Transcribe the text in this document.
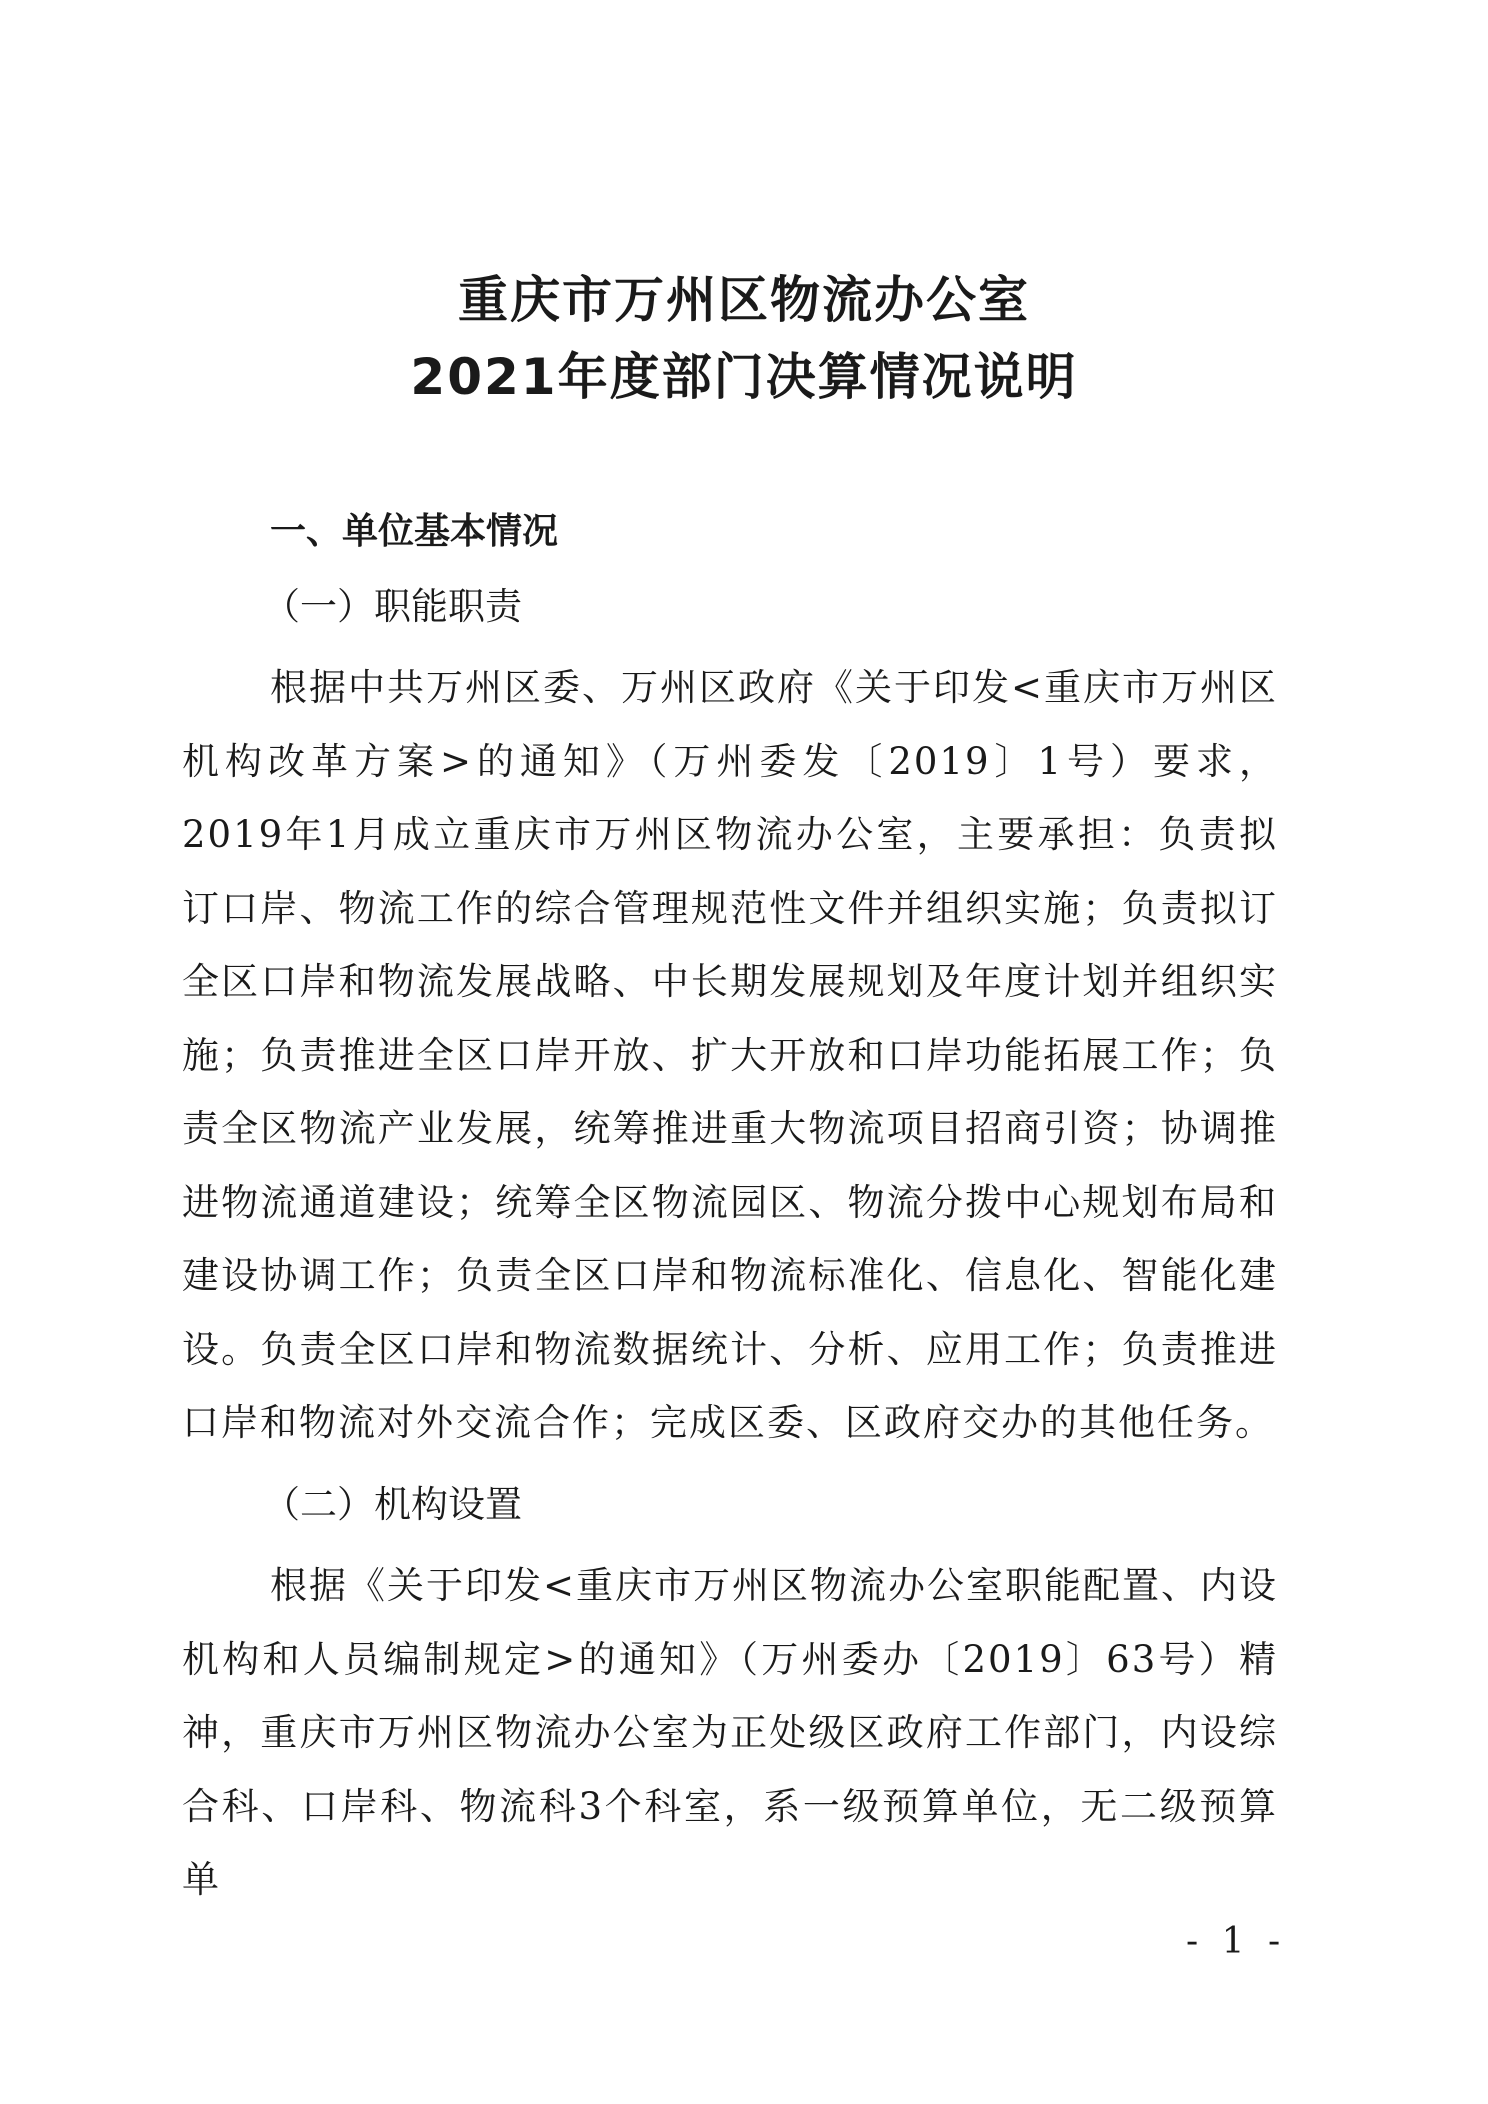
重庆市万州区物流办公室
2021年度部门决算情况说明
一、单位基本情况
（一）职能职责
根据中共万州区委、万州区政府《关于印发<重庆市万州区机构改革方案>的通知》（万州委发〔2019〕1号）要求，2019年1月成立重庆市万州区物流办公室，主要承担：负责拟订口岸、物流工作的综合管理规范性文件并组织实施；负责拟订全区口岸和物流发展战略、中长期发展规划及年度计划并组织实施；负责推进全区口岸开放、扩大开放和口岸功能拓展工作；负责全区物流产业发展，统筹推进重大物流项目招商引资；协调推进物流通道建设；统筹全区物流园区、物流分拨中心规划布局和建设协调工作；负责全区口岸和物流标准化、信息化、智能化建设。负责全区口岸和物流数据统计、分析、应用工作；负责推进口岸和物流对外交流合作；完成区委、区政府交办的其他任务。
（二）机构设置
根据《关于印发<重庆市万州区物流办公室职能配置、内设机构和人员编制规定>的通知》（万州委办〔2019〕63号）精神，重庆市万州区物流办公室为正处级区政府工作部门，内设综合科、口岸科、物流科3个科室，系一级预算单位，无二级预算单
- 1 -
